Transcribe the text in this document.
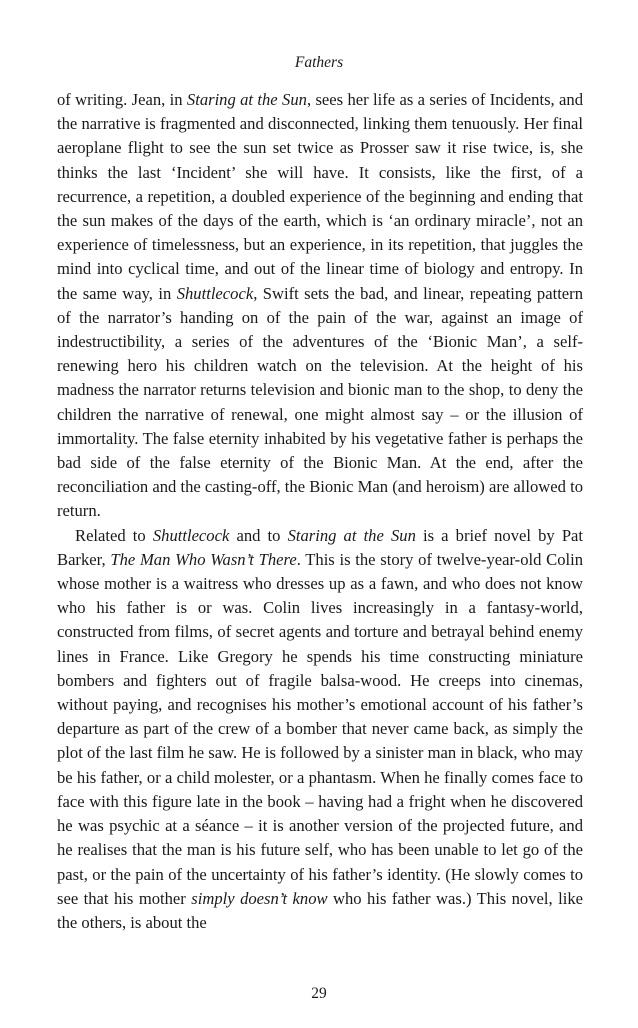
Fathers

of writing. Jean, in Staring at the Sun, sees her life as a series of Incidents, and the narrative is fragmented and disconnected, linking them tenuously. Her final aeroplane flight to see the sun set twice as Prosser saw it rise twice, is, she thinks the last ‘Incident’ she will have. It consists, like the first, of a recurrence, a repetition, a doubled experience of the beginning and ending that the sun makes of the days of the earth, which is ‘an ordinary miracle’, not an experience of timelessness, but an experience, in its repetition, that juggles the mind into cyclical time, and out of the linear time of biology and entropy. In the same way, in Shuttlecock, Swift sets the bad, and linear, repeating pattern of the narrator’s handing on of the pain of the war, against an image of indestructibility, a series of the adventures of the ‘Bionic Man’, a self-renewing hero his children watch on the television. At the height of his madness the narrator returns television and bionic man to the shop, to deny the children the narrative of renewal, one might almost say – or the illusion of immortality. The false eternity inhabited by his vegetative father is perhaps the bad side of the false eternity of the Bionic Man. At the end, after the reconciliation and the casting-off, the Bionic Man (and heroism) are allowed to return.

Related to Shuttlecock and to Staring at the Sun is a brief novel by Pat Barker, The Man Who Wasn’t There. This is the story of twelve-year-old Colin whose mother is a waitress who dresses up as a fawn, and who does not know who his father is or was. Colin lives increasingly in a fantasy-world, constructed from films, of secret agents and torture and betrayal behind enemy lines in France. Like Gregory he spends his time constructing miniature bombers and fighters out of fragile balsa-wood. He creeps into cinemas, without paying, and recognises his mother’s emotional account of his father’s departure as part of the crew of a bomber that never came back, as simply the plot of the last film he saw. He is followed by a sinister man in black, who may be his father, or a child molester, or a phantasm. When he finally comes face to face with this figure late in the book – having had a fright when he discovered he was psychic at a séance – it is another version of the projected future, and he realises that the man is his future self, who has been unable to let go of the past, or the pain of the uncertainty of his father’s identity. (He slowly comes to see that his mother simply doesn’t know who his father was.) This novel, like the others, is about the

29
